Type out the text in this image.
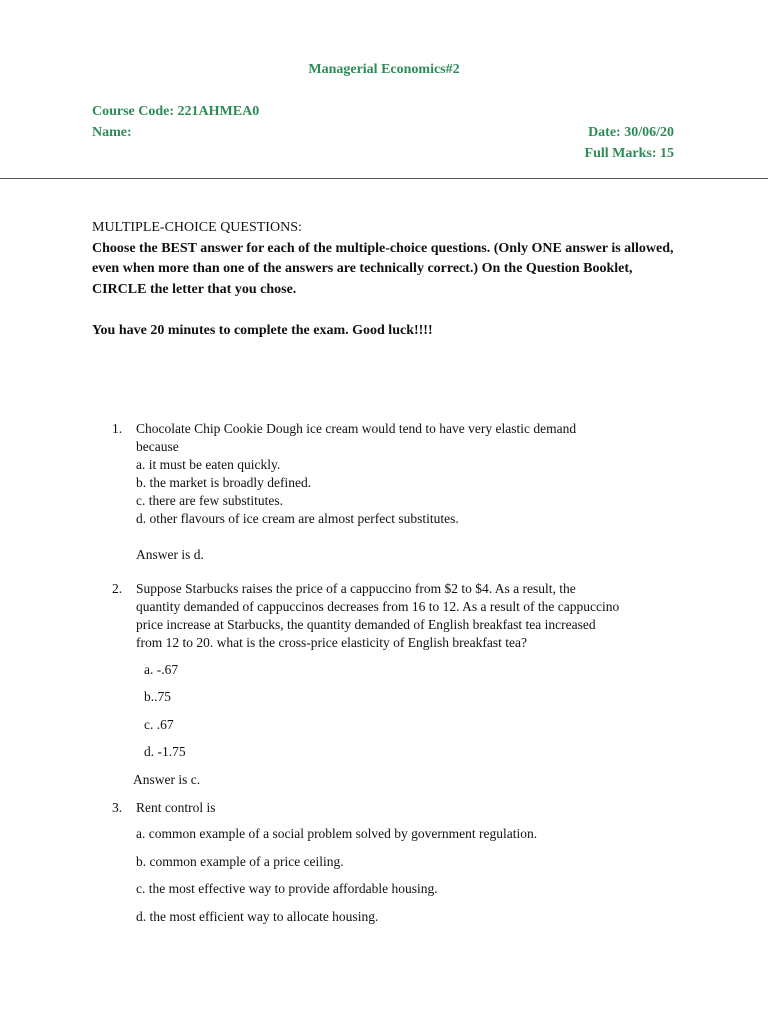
Managerial Economics#2
Course Code: 221AHMEA0
Name:	Date: 30/06/20
Full Marks: 15

MULTIPLE-CHOICE QUESTIONS:

Choose the BEST answer for each of the multiple-choice questions. (Only ONE answer is allowed, even when more than one of the answers are technically correct.) On the Question Booklet, CIRCLE the letter that you chose.

You have 20 minutes to complete the exam. Good luck!!!!

1. Chocolate Chip Cookie Dough ice cream would tend to have very elastic demand
because
a. it must be eaten quickly.
b. the market is broadly defined.
c. there are few substitutes.
d. other flavours of ice cream are almost perfect substitutes.
Answer is d.
2. Suppose Starbucks raises the price of a cappuccino from $2 to $4. As a result, the
quantity demanded of cappuccinos decreases from 16 to 12. As a result of the cappuccino
price increase at Starbucks, the quantity demanded of English breakfast tea increased
from 12 to 20. what is the cross-price elasticity of English breakfast tea?
a. -.67
b..75
c. .67
d. -1.75
Answer is c.
3. Rent control is
a. common example of a social problem solved by government regulation.
b. common example of a price ceiling.
c. the most effective way to provide affordable housing.
d. the most efficient way to allocate housing.
